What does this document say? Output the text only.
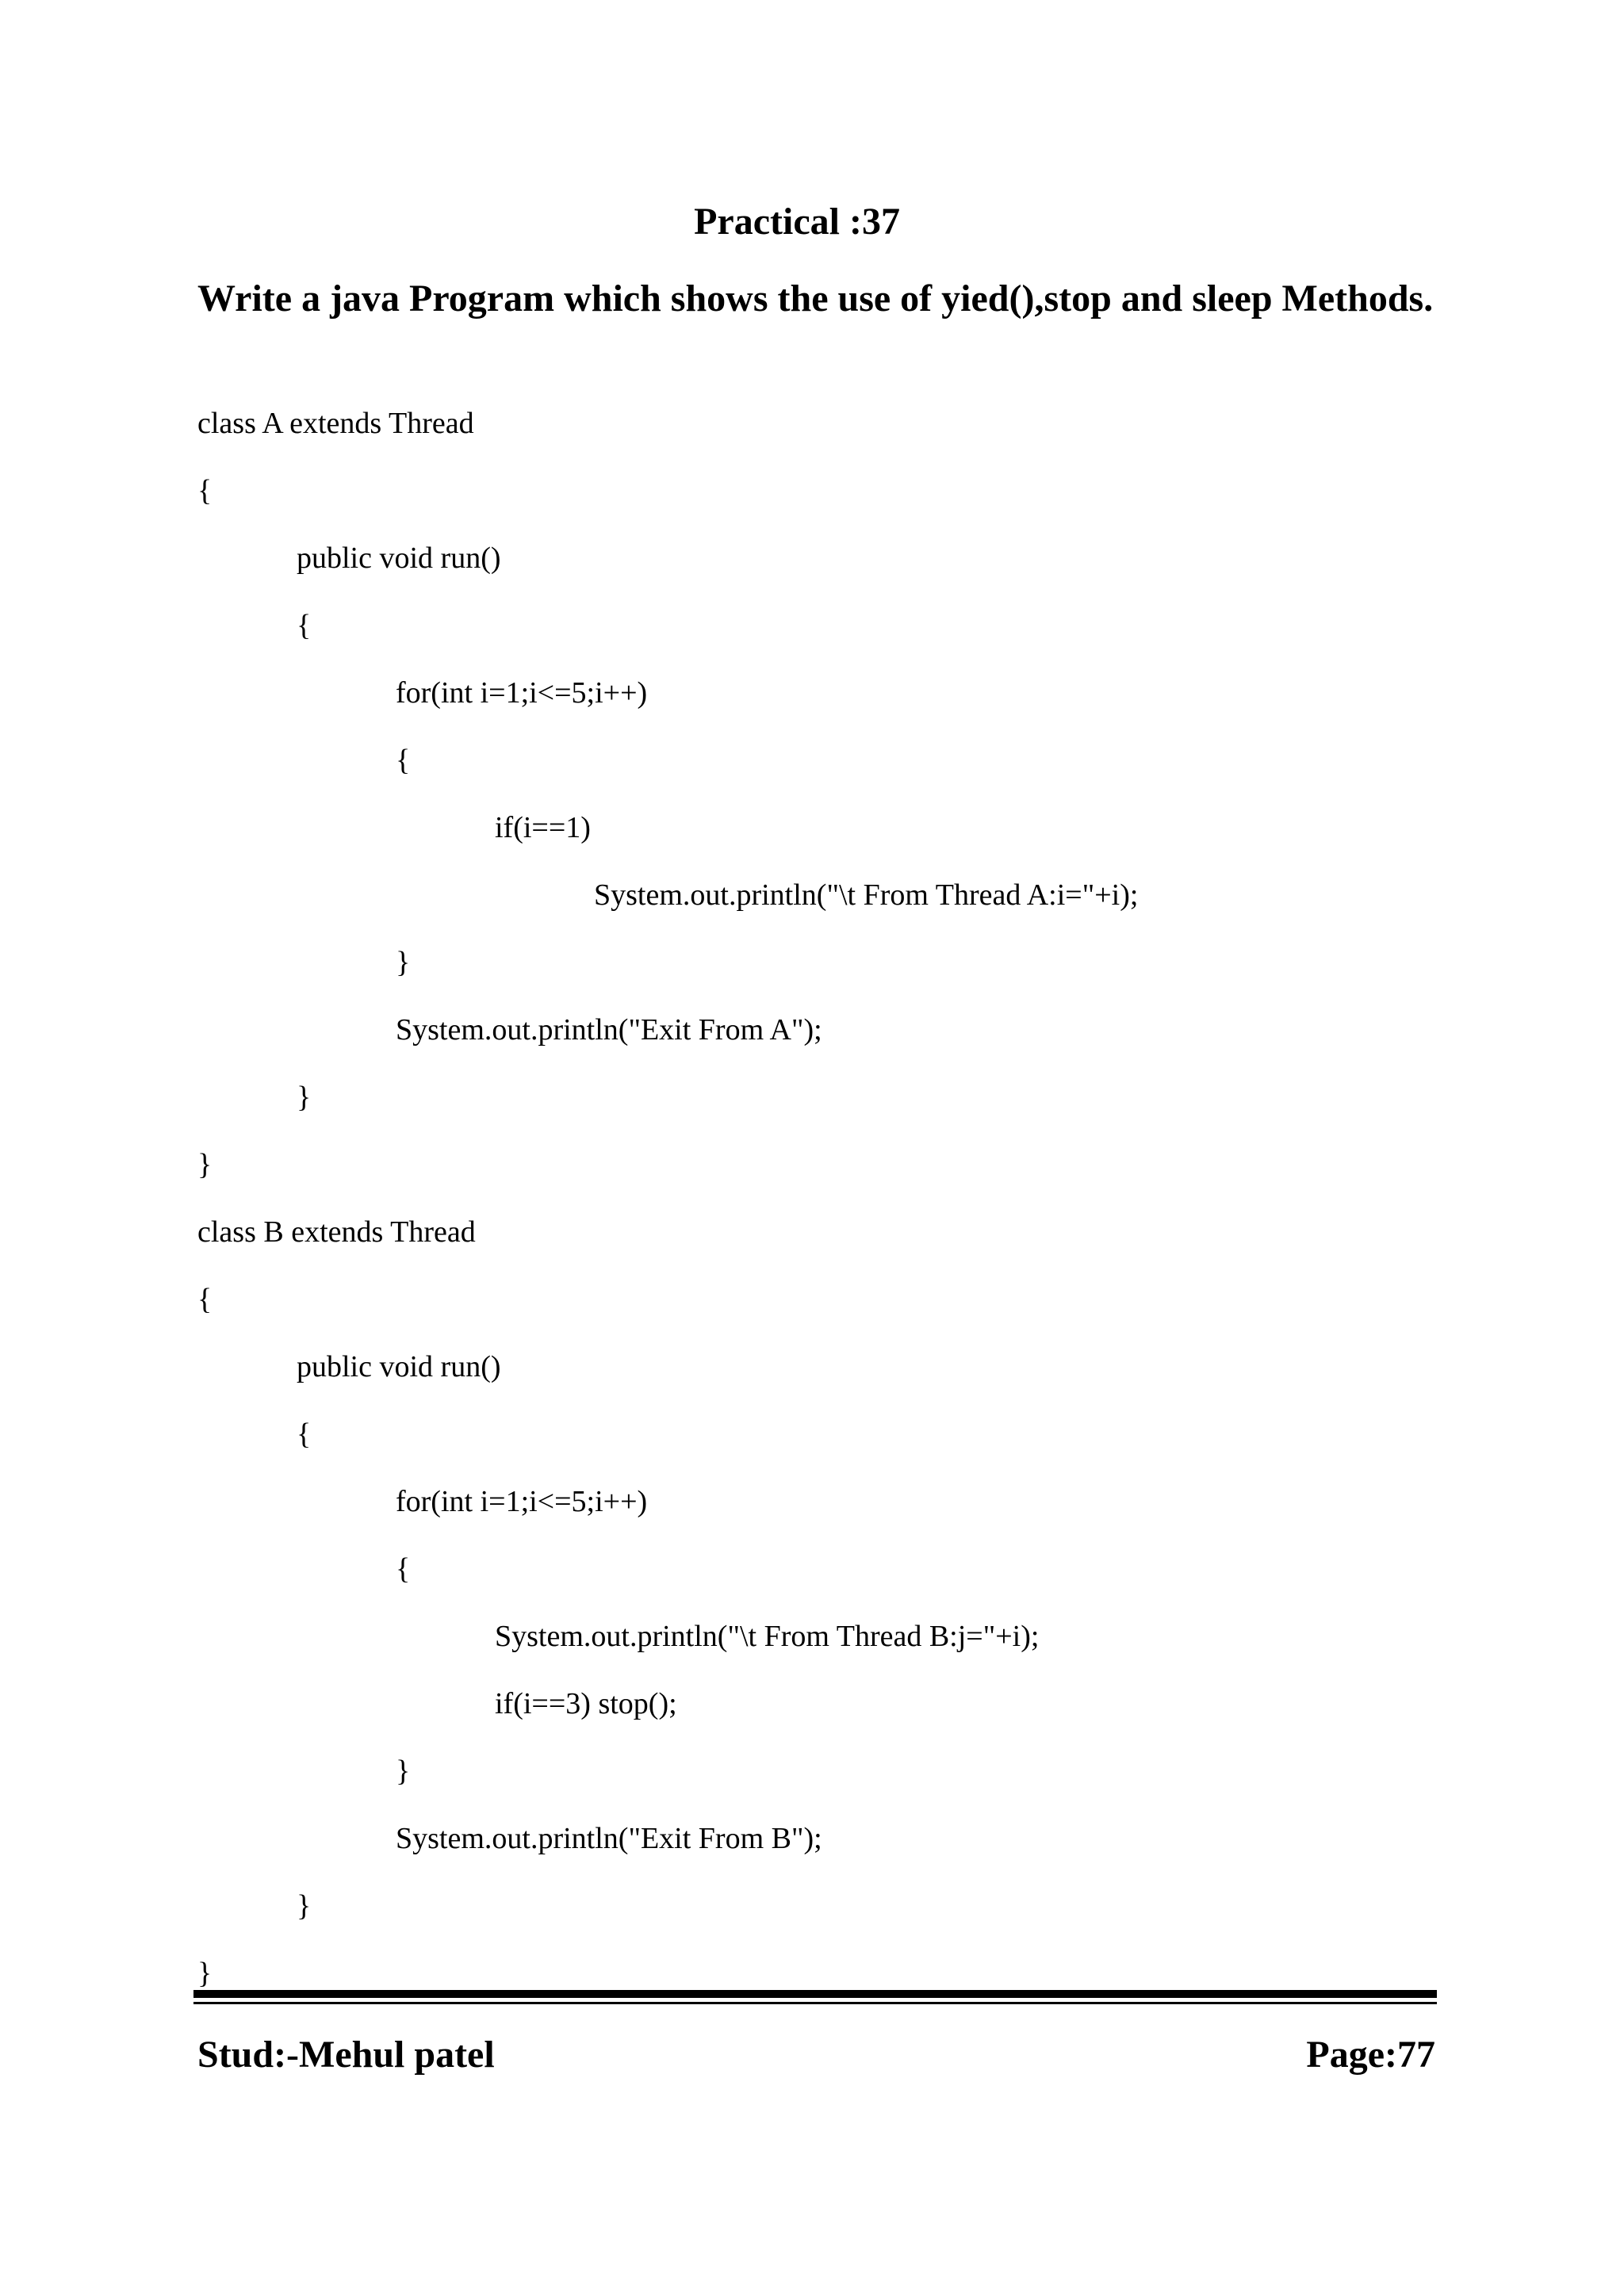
Practical :37

Write a java Program which shows the use of yied(),stop and sleep Methods.

class A extends Thread
{
public void run()
{
for(int i=1;i<=5;i++)
{
if(i==1)
System.out.println("\t From Thread A:i="+i);
}
System.out.println("Exit From A");
}
}
class B extends Thread
{
public void run()
{
for(int i=1;i<=5;i++)
{
System.out.println("\t From Thread B:j="+i);
if(i==3) stop();
}
System.out.println("Exit From B");
}
}
Stud:-Mehul patel	Page:77
